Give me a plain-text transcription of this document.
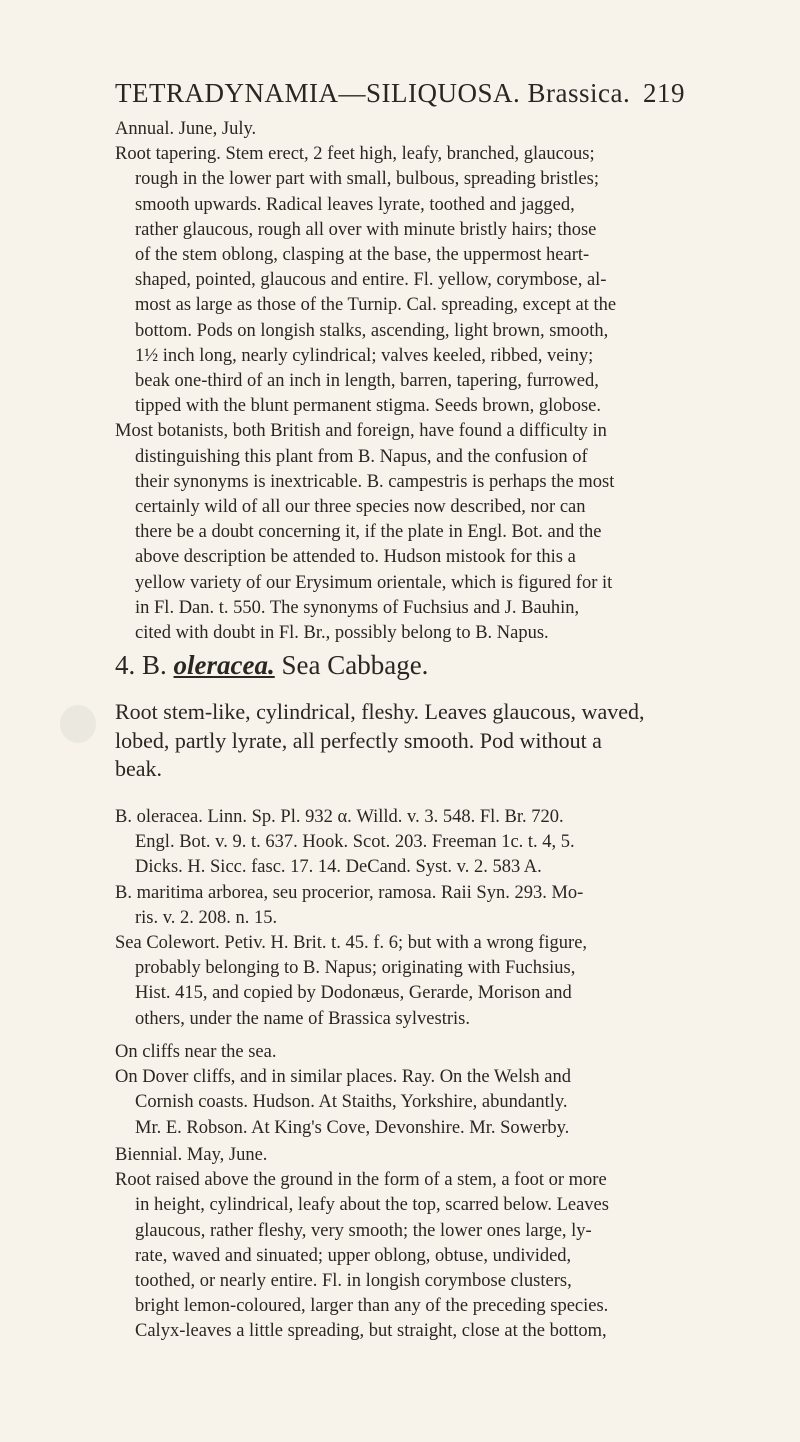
TETRADYNAMIA—SILIQUOSA. Brassica. 219
Annual. June, July.
Root tapering. Stem erect, 2 feet high, leafy, branched, glaucous;
rough in the lower part with small, bulbous, spreading bristles;
smooth upwards. Radical leaves lyrate, toothed and jagged,
rather glaucous, rough all over with minute bristly hairs; those
of the stem oblong, clasping at the base, the uppermost heart-
shaped, pointed, glaucous and entire. Fl. yellow, corymbose, al-
most as large as those of the Turnip. Cal. spreading, except at the
bottom. Pods on longish stalks, ascending, light brown, smooth,
1½ inch long, nearly cylindrical; valves keeled, ribbed, veiny;
beak one-third of an inch in length, barren, tapering, furrowed,
tipped with the blunt permanent stigma. Seeds brown, globose.
Most botanists, both British and foreign, have found a difficulty in
distinguishing this plant from B. Napus, and the confusion of
their synonyms is inextricable. B. campestris is perhaps the most
certainly wild of all our three species now described, nor can
there be a doubt concerning it, if the plate in Engl. Bot. and the
above description be attended to. Hudson mistook for this a
yellow variety of our Erysimum orientale, which is figured for it
in Fl. Dan. t. 550. The synonyms of Fuchsius and J. Bauhin,
cited with doubt in Fl. Br., possibly belong to B. Napus.
4. B. oleracea. Sea Cabbage.
Root stem-like, cylindrical, fleshy. Leaves glaucous, waved,
lobed, partly lyrate, all perfectly smooth. Pod without a
beak.
B. oleracea. Linn. Sp. Pl. 932 α. Willd. v. 3. 548. Fl. Br. 720.
Engl. Bot. v. 9. t. 637. Hook. Scot. 203. Freeman 1c. t. 4, 5.
Dicks. H. Sicc. fasc. 17. 14. DeCand. Syst. v. 2. 583 A.
B. maritima arborea, seu procerior, ramosa. Raii Syn. 293. Mo-
ris. v. 2. 208. n. 15.
Sea Colewort. Petiv. H. Brit. t. 45. f. 6; but with a wrong figure,
probably belonging to B. Napus; originating with Fuchsius,
Hist. 415, and copied by Dodonæus, Gerarde, Morison and
others, under the name of Brassica sylvestris.
On cliffs near the sea.
On Dover cliffs, and in similar places. Ray. On the Welsh and
Cornish coasts. Hudson. At Staiths, Yorkshire, abundantly.
Mr. E. Robson. At King's Cove, Devonshire. Mr. Sowerby.
Biennial. May, June.
Root raised above the ground in the form of a stem, a foot or more
in height, cylindrical, leafy about the top, scarred below. Leaves
glaucous, rather fleshy, very smooth; the lower ones large, ly-
rate, waved and sinuated; upper oblong, obtuse, undivided,
toothed, or nearly entire. Fl. in longish corymbose clusters,
bright lemon-coloured, larger than any of the preceding species.
Calyx-leaves a little spreading, but straight, close at the bottom,
